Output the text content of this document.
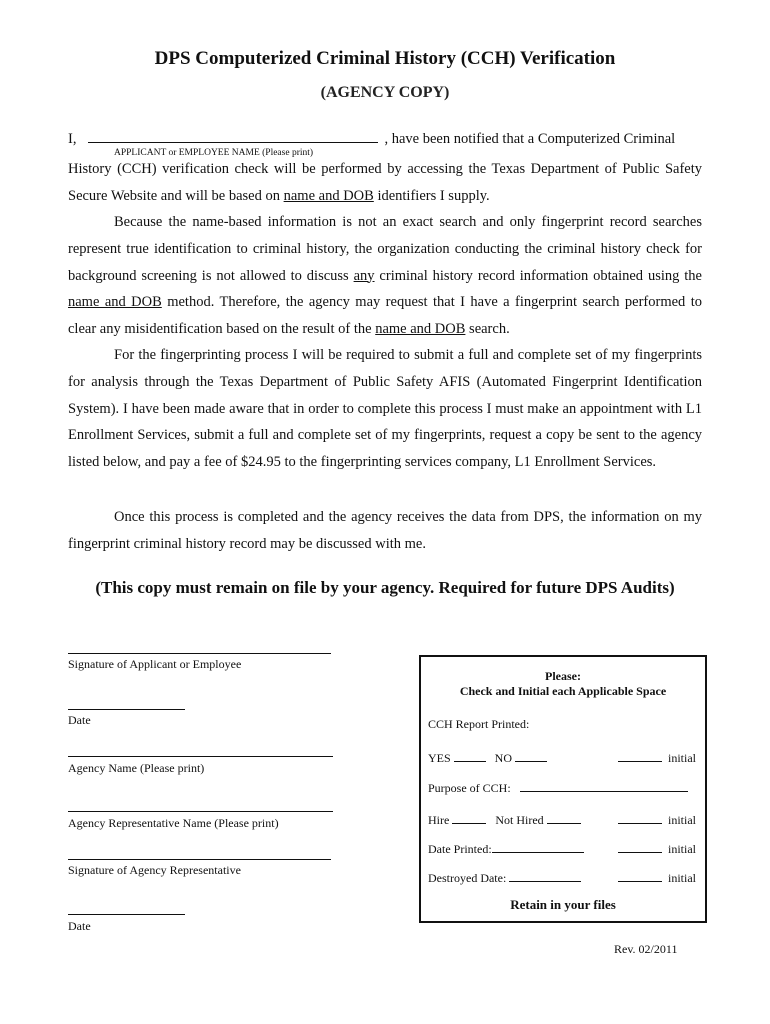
DPS Computerized Criminal History (CCH) Verification
(AGENCY COPY)
I,	, have been notified that a Computerized Criminal
APPLICANT or EMPLOYEE NAME (Please print)
History (CCH) verification check will be performed by accessing the Texas Department of Public Safety Secure Website and will be based on name and DOB identifiers I supply.
Because the name-based information is not an exact search and only fingerprint record searches represent true identification to criminal history, the organization conducting the criminal history check for background screening is not allowed to discuss any criminal history record information obtained using the name and DOB method. Therefore, the agency may request that I have a fingerprint search performed to clear any misidentification based on the result of the name and DOB search.
For the fingerprinting process I will be required to submit a full and complete set of my fingerprints for analysis through the Texas Department of Public Safety AFIS (Automated Fingerprint Identification System). I have been made aware that in order to complete this process I must make an appointment with L1 Enrollment Services, submit a full and complete set of my fingerprints, request a copy be sent to the agency listed below, and pay a fee of $24.95 to the fingerprinting services company, L1 Enrollment Services.
Once this process is completed and the agency receives the data from DPS, the information on my fingerprint criminal history record may be discussed with me.
(This copy must remain on file by your agency. Required for future DPS Audits)
Signature of Applicant or Employee
Date
Agency Name (Please print)
Agency Representative Name (Please print)
Signature of Agency Representative
Date
Please:
Check and Initial each Applicable Space
CCH Report Printed:
YES	NO	initial
Purpose of CCH:
Hire	Not Hired	initial
Date Printed:	initial
Destroyed Date:	initial
Retain in your files
Rev. 02/2011
